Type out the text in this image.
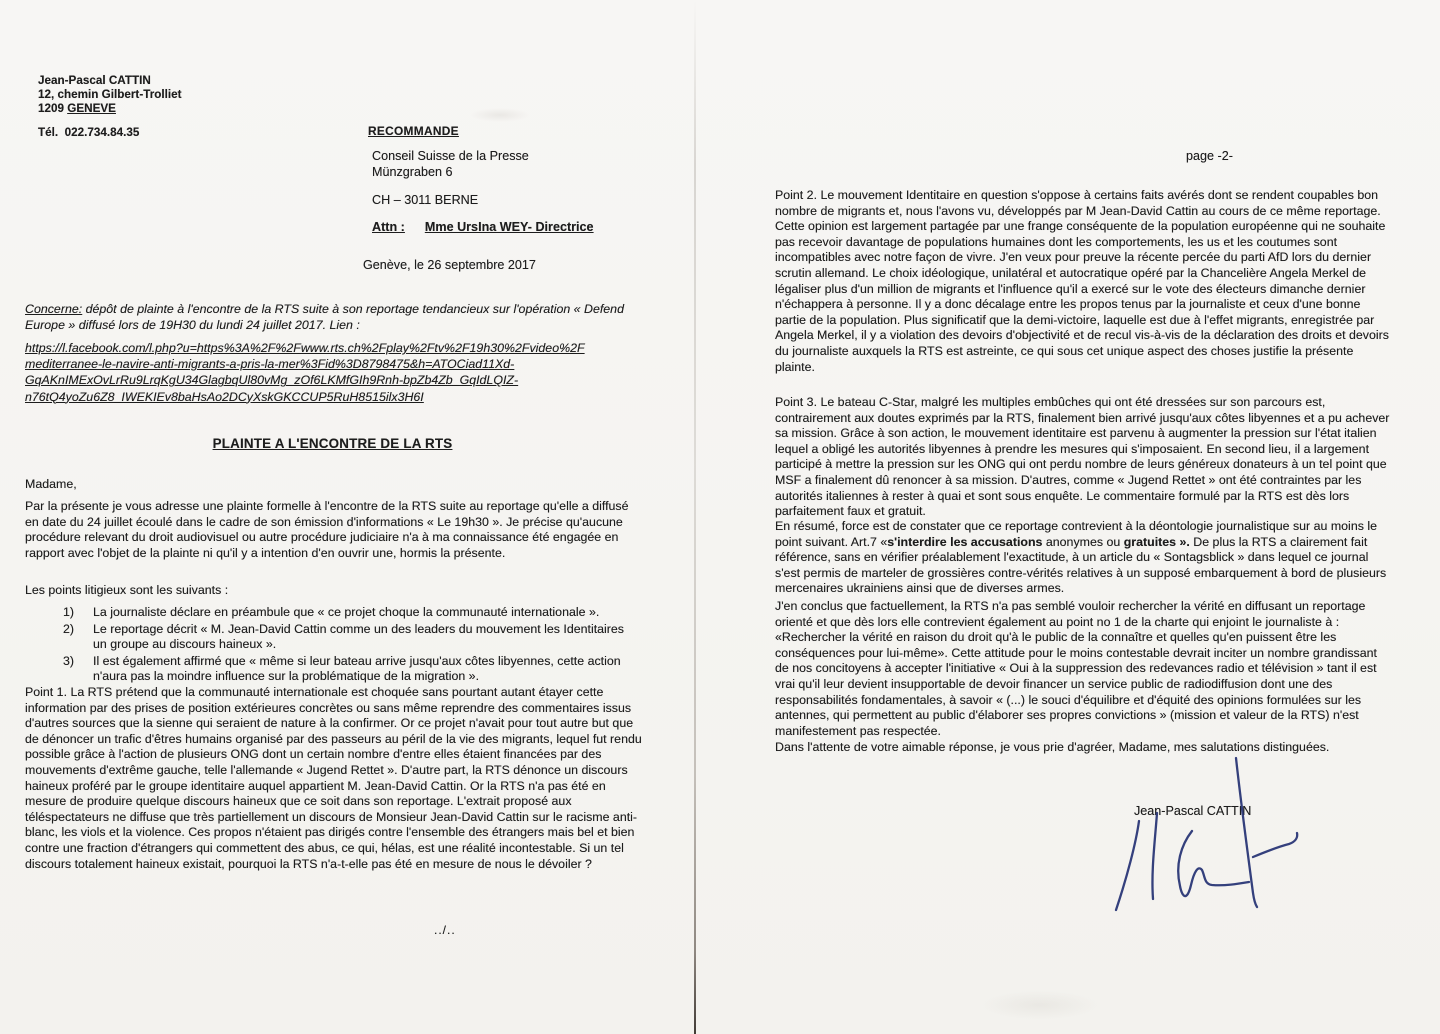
Jean-Pascal CATTIN
12, chemin Gilbert-Trolliet
1209 GENEVE
Tél.  022.734.84.35	RECOMMANDE
Conseil Suisse de la Presse
Münzgraben 6
CH – 3011 BERNE
Attn : Mme UrsIna WEY- Directrice
Genève, le 26 septembre 2017
Concerne: dépôt de plainte à l'encontre de la RTS suite à son reportage tendancieux sur l'opération « Defend Europe » diffusé lors de 19H30 du lundi 24 juillet 2017. Lien :
https://l.facebook.com/l.php?u=https%3A%2F%2Fwww.rts.ch%2Fplay%2Ftv%2F19h30%2Fvideo%2F
mediterranee-le-navire-anti-migrants-a-pris-la-mer%3Fid%3D8798475&h=ATOCiad11Xd-
GqAKnIMExOvLrRu9LrqKgU34GlagbqUl80vMg_zOf6LKMfGIh9Rnh-bpZb4Zb_GqIdLQIZ-
n76tQ4yoZu6Z8_IWEKIEv8baHsAo2DCyXskGKCCUP5RuH8515ilx3H6I
PLAINTE A L'ENCONTRE DE LA RTS
Madame,
Par la présente je vous adresse une plainte formelle à l'encontre de la RTS suite au reportage qu'elle a diffusé en date du 24 juillet écoulé dans le cadre de son émission d'informations « Le 19h30 ». Je précise qu'aucune procédure relevant du droit audiovisuel ou autre procédure judiciaire n'a à ma connaissance été engagée en rapport avec l'objet de la plainte ni qu'il y a intention d'en ouvrir une, hormis la présente.
Les points litigieux sont les suivants :
1)	La journaliste déclare en préambule que « ce projet choque la communauté internationale ».
2)	Le reportage décrit « M. Jean-David Cattin comme un des leaders du mouvement les Identitaires un groupe au discours haineux ».
3)	Il est également affirmé que « même si leur bateau arrive jusqu'aux côtes libyennes, cette action n'aura pas la moindre influence sur la problématique de la migration ».
Point 1. La RTS prétend que la communauté internationale est choquée sans pourtant autant étayer cette information par des prises de position extérieures concrètes ou sans même reprendre des commentaires issus d'autres sources que la sienne qui seraient de nature à la confirmer. Or ce projet n'avait pour tout autre but que de dénoncer un trafic d'êtres humains organisé par des passeurs au péril de la vie des migrants, lequel fut rendu possible grâce à l'action de plusieurs ONG dont un certain nombre d'entre elles étaient financées par des mouvements d'extrême gauche, telle l'allemande « Jugend Rettet ». D'autre part, la RTS dénonce un discours haineux proféré par le groupe identitaire auquel appartient M. Jean-David Cattin. Or la RTS n'a pas été en mesure de produire quelque discours haineux que ce soit dans son reportage. L'extrait proposé aux téléspectateurs ne diffuse que très partiellement un discours de Monsieur Jean-David Cattin sur le racisme anti-blanc, les viols et la violence. Ces propos n'étaient pas dirigés contre l'ensemble des étrangers mais bel et bien contre une fraction d'étrangers qui commettent des abus, ce qui, hélas, est une réalité incontestable. Si un tel discours totalement haineux existait, pourquoi la RTS n'a-t-elle pas été en mesure de nous le dévoiler ?
../..
page -2-
Point 2. Le mouvement Identitaire en question s'oppose à certains faits avérés dont se rendent coupables bon nombre de migrants et, nous l'avons vu, développés par M Jean-David Cattin au cours de ce même reportage. Cette opinion est largement partagée par une frange conséquente de la population européenne qui ne souhaite pas recevoir davantage de populations humaines dont les comportements, les us et les coutumes sont incompatibles avec notre façon de vivre. J'en veux pour preuve la récente percée du parti AfD lors du dernier scrutin allemand. Le choix idéologique, unilatéral et autocratique opéré par la Chancelière Angela Merkel de légaliser plus d'un million de migrants et l'influence qu'il a exercé sur le vote des électeurs dimanche dernier n'échappera à personne. Il y a donc décalage entre les propos tenus par la journaliste et ceux d'une bonne partie de la population. Plus significatif que la demi-victoire, laquelle est due à l'effet migrants, enregistrée par Angela Merkel, il y a violation des devoirs d'objectivité et de recul vis-à-vis de la déclaration des droits et devoirs du journaliste auxquels la RTS est astreinte, ce qui sous cet unique aspect des choses justifie la présente plainte.
Point 3. Le bateau C-Star, malgré les multiples embûches qui ont été dressées sur son parcours est, contrairement aux doutes exprimés par la RTS, finalement bien arrivé jusqu'aux côtes libyennes et a pu achever sa mission. Grâce à son action, le mouvement identitaire est parvenu à augmenter la pression sur l'état italien lequel a obligé les autorités libyennes à prendre les mesures qui s'imposaient. En second lieu, il a largement participé à mettre la pression sur les ONG qui ont perdu nombre de leurs généreux donateurs à un tel point que MSF a finalement dû renoncer à sa mission. D'autres, comme « Jugend Rettet » ont été contraintes par les autorités italiennes à rester à quai et sont sous enquête. Le commentaire formulé par la RTS est dès lors parfaitement faux et gratuit.
En résumé, force est de constater que ce reportage contrevient à la déontologie journalistique sur au moins le point suivant. Art.7 «s'interdire les accusations anonymes ou gratuites ». De plus la RTS a clairement fait référence, sans en vérifier préalablement l'exactitude, à un article du « Sontagsblick » dans lequel ce journal s'est permis de marteler de grossières contre-vérités relatives à un supposé embarquement à bord de plusieurs mercenaires ukrainiens ainsi que de diverses armes.
J'en conclus que factuellement, la RTS n'a pas semblé vouloir rechercher la vérité en diffusant un reportage orienté et que dès lors elle contrevient également au point no 1 de la charte qui enjoint le journaliste à : «Rechercher la vérité en raison du droit qu'à le public de la connaître et quelles qu'en puissent être les conséquences pour lui-même». Cette attitude pour le moins contestable devrait inciter un nombre grandissant de nos concitoyens à accepter l'initiative « Oui à la suppression des redevances radio et télévision » tant il est vrai qu'il leur devient insupportable de devoir financer un service public de radiodiffusion dont une des responsabilités fondamentales, à savoir « (...) le souci d'équilibre et d'équité des opinions formulées sur les antennes, qui permettent au public d'élaborer ses propres convictions » (mission et valeur de la RTS) n'est manifestement pas respectée.
Dans l'attente de votre aimable réponse, je vous prie d'agréer, Madame, mes salutations distinguées.
Jean-Pascal CATTIN
